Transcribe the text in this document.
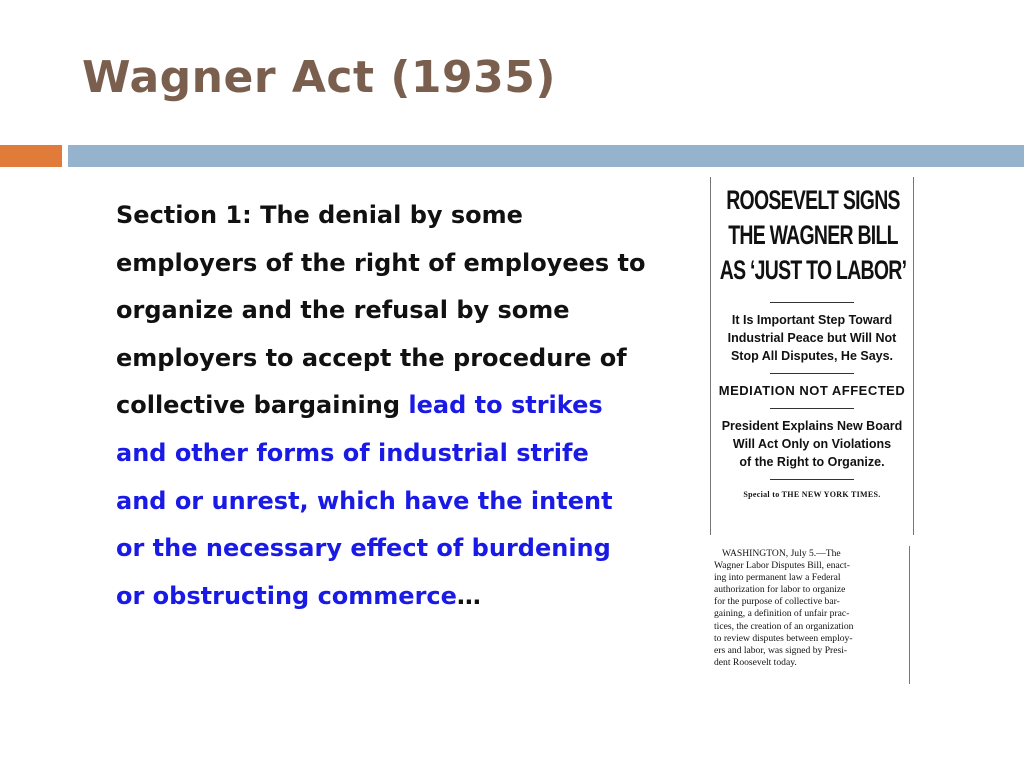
Wagner Act (1935)
Section 1: The denial by some employers of the right of employees to organize and the refusal by some employers to accept the procedure of collective bargaining lead to strikes and other forms of industrial strife and or unrest, which have the intent or the necessary effect of burdening or obstructing commerce…
ROOSEVELT SIGNS
THE WAGNER BILL
AS ‘JUST TO LABOR’
It Is Important Step Toward
Industrial Peace but Will Not
Stop All Disputes, He Says.
MEDIATION NOT AFFECTED
President Explains New Board
Will Act Only on Violations
of the Right to Organize.
Special to THE NEW YORK TIMES.
WASHINGTON, July 5.—The
Wagner Labor Disputes Bill, enact-
ing into permanent law a Federal
authorization for labor to organize
for the purpose of collective bar-
gaining, a definition of unfair prac-
tices, the creation of an organization
to review disputes between employ-
ers and labor, was signed by Presi-
dent Roosevelt today.
